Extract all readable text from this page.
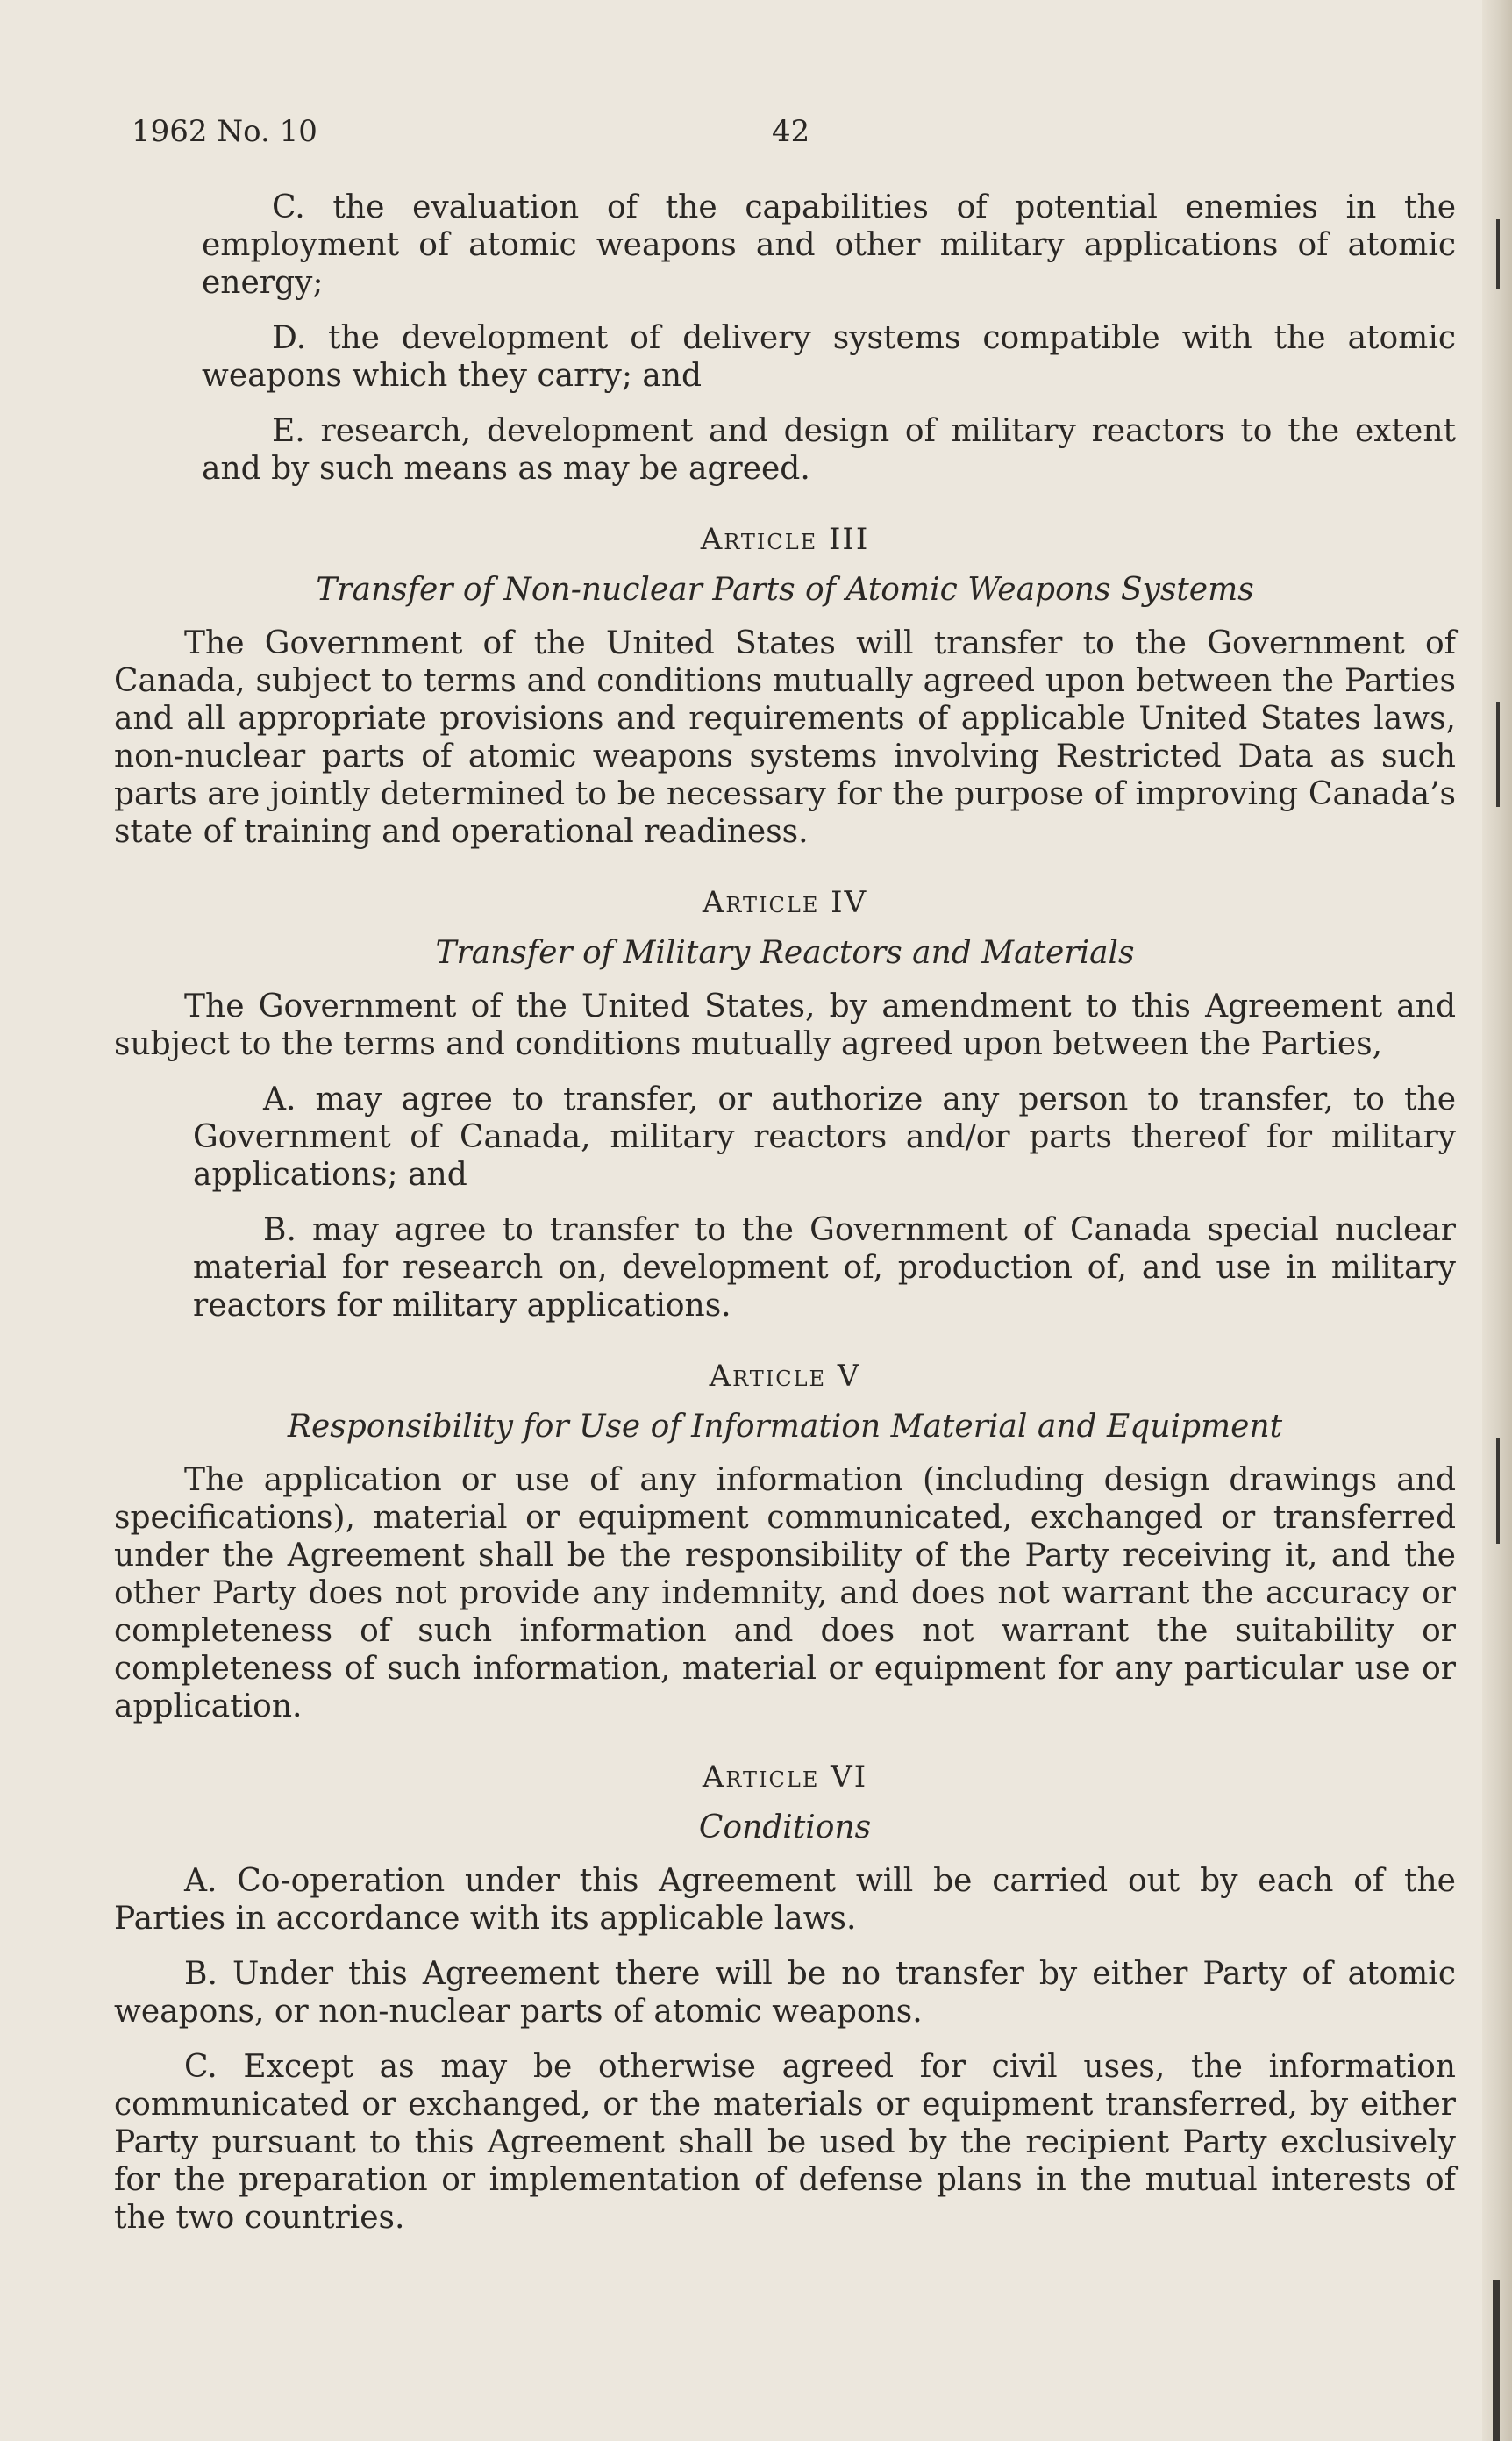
1962 No. 10	42

C. the evaluation of the capabilities of potential enemies in the employment of atomic weapons and other military applications of atomic energy;

D. the development of delivery systems compatible with the atomic weapons which they carry; and

E. research, development and design of military reactors to the extent and by such means as may be agreed.

Article III
Transfer of Non-nuclear Parts of Atomic Weapons Systems

The Government of the United States will transfer to the Government of Canada, subject to terms and conditions mutually agreed upon between the Parties and all appropriate provisions and requirements of applicable United States laws, non-nuclear parts of atomic weapons systems involving Restricted Data as such parts are jointly determined to be necessary for the purpose of improving Canada’s state of training and operational readiness.

Article IV
Transfer of Military Reactors and Materials

The Government of the United States, by amendment to this Agreement and subject to the terms and conditions mutually agreed upon between the Parties,

A. may agree to transfer, or authorize any person to transfer, to the Government of Canada, military reactors and/or parts thereof for military applications; and

B. may agree to transfer to the Government of Canada special nuclear material for research on, development of, production of, and use in military reactors for military applications.

Article V
Responsibility for Use of Information Material and Equipment

The application or use of any information (including design drawings and specifications), material or equipment communicated, exchanged or transferred under the Agreement shall be the responsibility of the Party receiving it, and the other Party does not provide any indemnity, and does not warrant the accuracy or completeness of such information and does not warrant the suitability or completeness of such information, material or equipment for any particular use or application.

Article VI
Conditions

A. Co-operation under this Agreement will be carried out by each of the Parties in accordance with its applicable laws.

B. Under this Agreement there will be no transfer by either Party of atomic weapons, or non-nuclear parts of atomic weapons.

C. Except as may be otherwise agreed for civil uses, the information communicated or exchanged, or the materials or equipment transferred, by either Party pursuant to this Agreement shall be used by the recipient Party exclusively for the preparation or implementation of defense plans in the mutual interests of the two countries.
